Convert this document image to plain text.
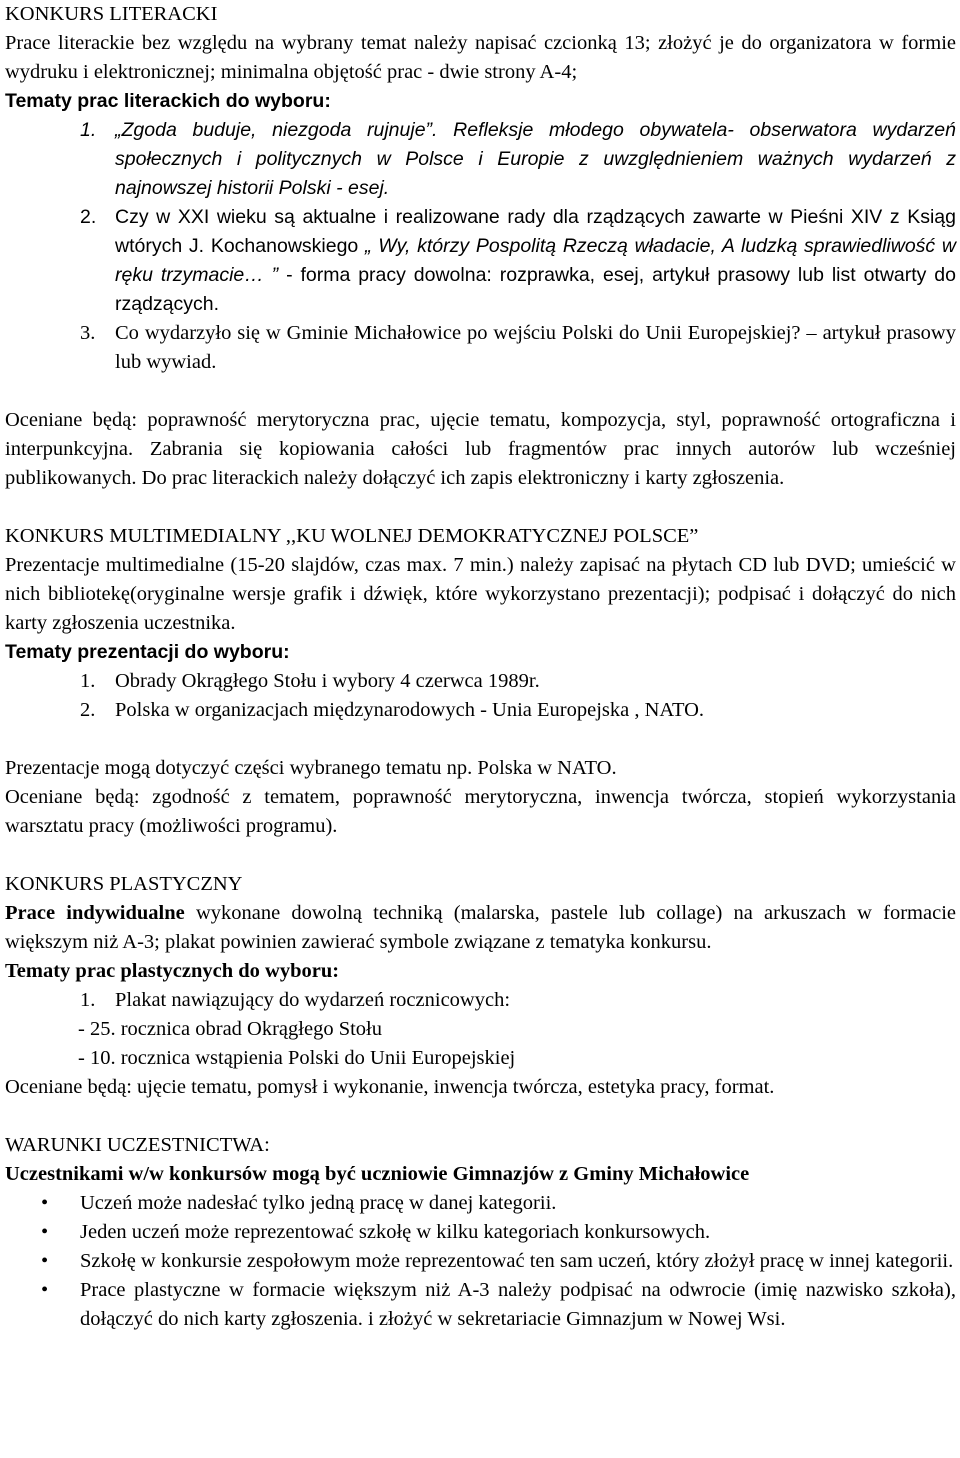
KONKURS LITERACKI

Prace literackie bez względu na wybrany temat należy napisać czcionką 13; złożyć je do organizatora w formie wydruku i elektronicznej; minimalna objętość prac - dwie strony A-4;

Tematy prac literackich do wyboru:

1. „Zgoda buduje, niezgoda rujnuje”. Refleksje młodego obywatela- obserwatora wydarzeń społecznych i politycznych w Polsce i Europie z uwzględnieniem ważnych wydarzeń z najnowszej historii Polski - esej.
2. Czy w XXI wieku są aktualne i realizowane rady dla rządzących zawarte w Pieśni XIV z Ksiąg wtórych J. Kochanowskiego „ Wy, którzy Pospolitą Rzeczą władacie, A ludzką sprawiedliwość w ręku trzymacie… ” - forma pracy dowolna: rozprawka, esej, artykuł prasowy lub list otwarty do rządzących.
3. Co wydarzyło się w Gminie Michałowice po wejściu Polski do Unii Europejskiej? – artykuł prasowy lub wywiad.

Oceniane będą: poprawność merytoryczna prac, ujęcie tematu, kompozycja, styl, poprawność ortograficzna i interpunkcyjna. Zabrania się kopiowania całości lub fragmentów prac innych autorów lub wcześniej publikowanych. Do prac literackich należy dołączyć ich zapis elektroniczny i karty zgłoszenia.

KONKURS MULTIMEDIALNY ,,KU WOLNEJ DEMOKRATYCZNEJ POLSCE”

Prezentacje multimedialne (15-20 slajdów, czas max. 7 min.) należy zapisać na płytach CD lub DVD; umieścić w nich bibliotekę(oryginalne wersje grafik i dźwięk, które wykorzystano prezentacji); podpisać i dołączyć do nich karty zgłoszenia uczestnika.

Tematy prezentacji do wyboru:

1. Obrady Okrągłego Stołu i wybory 4 czerwca 1989r.
2. Polska w organizacjach międzynarodowych - Unia Europejska , NATO.

Prezentacje mogą dotyczyć części wybranego tematu np. Polska w NATO.

Oceniane będą: zgodność z tematem, poprawność merytoryczna, inwencja twórcza, stopień wykorzystania warsztatu pracy (możliwości programu).

KONKURS PLASTYCZNY

Prace indywidualne wykonane dowolną techniką (malarska, pastele lub collage) na arkuszach w formacie większym niż A-3; plakat powinien zawierać symbole związane z tematyka konkursu.

Tematy prac plastycznych do wyboru:

1. Plakat nawiązujący do wydarzeń rocznicowych:

- 25. rocznica obrad Okrągłego Stołu

- 10. rocznica wstąpienia Polski do Unii Europejskiej

Oceniane będą: ujęcie tematu, pomysł i wykonanie, inwencja twórcza, estetyka pracy, format.

WARUNKI UCZESTNICTWA:

Uczestnikami w/w konkursów mogą być uczniowie Gimnazjów z Gminy Michałowice

• Uczeń może nadesłać tylko jedną pracę w danej kategorii.
• Jeden uczeń może reprezentować szkołę w kilku kategoriach konkursowych.
• Szkołę w konkursie zespołowym może reprezentować ten sam uczeń, który złożył pracę w innej kategorii.
• Prace plastyczne w formacie większym niż A-3 należy podpisać na odwrocie (imię nazwisko szkoła), dołączyć do nich karty zgłoszenia. i złożyć w sekretariacie Gimnazjum w Nowej Wsi.
